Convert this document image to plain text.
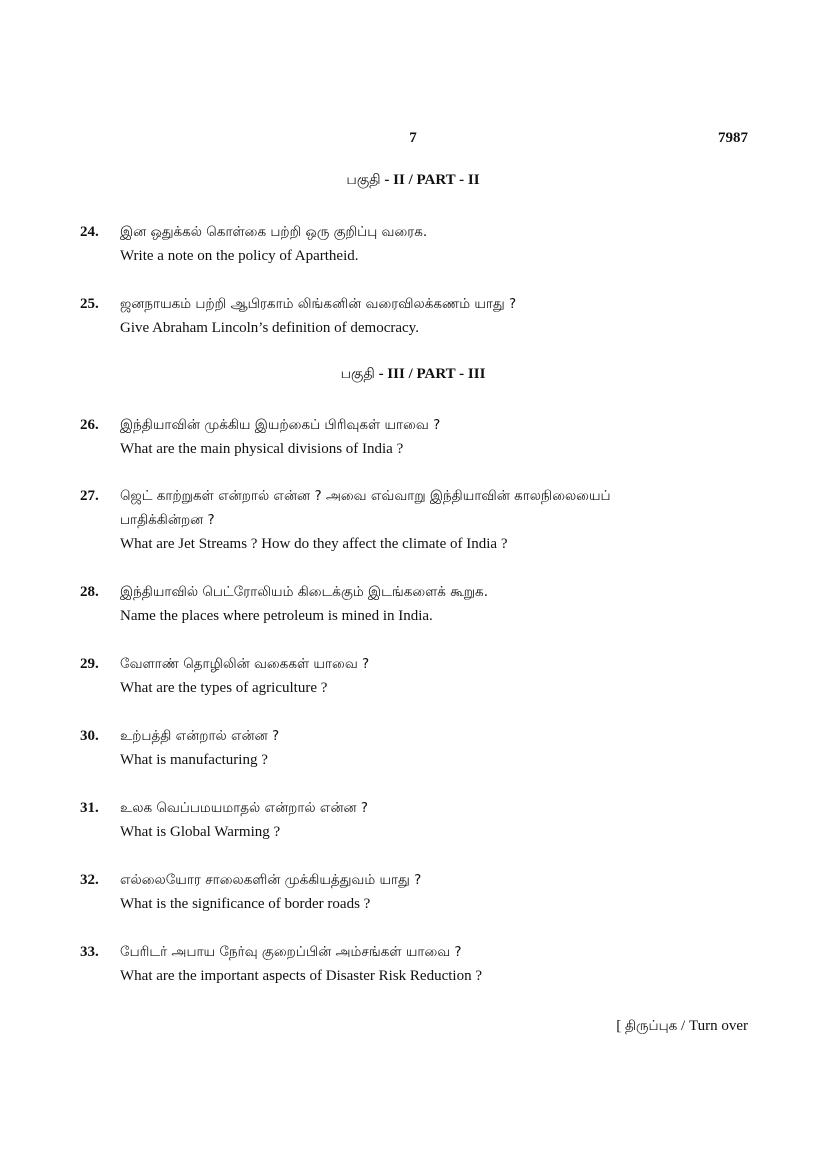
7	7987
பகுதி - II / PART - II
24. இன ஒதுக்கல் கொள்கை பற்றி ஒரு குறிப்பு வரைக.
Write a note on the policy of Apartheid.
25. ஜனநாயகம் பற்றி ஆபிரகாம் லிங்கனின் வரைவிலக்கணம் யாது ?
Give Abraham Lincoln’s definition of democracy.
பகுதி - III / PART - III
26. இந்தியாவின் முக்கிய இயற்கைப் பிரிவுகள் யாவை ?
What are the main physical divisions of India ?
27. ஜெட் காற்றுகள் என்றால் என்ன ? அவை எவ்வாறு இந்தியாவின் காலநிலையைப்
பாதிக்கின்றன ?
What are Jet Streams ? How do they affect the climate of India ?
28. இந்தியாவில் பெட்ரோலியம் கிடைக்கும் இடங்களைக் கூறுக.
Name the places where petroleum is mined in India.
29. வேளாண் தொழிலின் வகைகள் யாவை ?
What are the types of agriculture ?
30. உற்பத்தி என்றால் என்ன ?
What is manufacturing ?
31. உலக வெப்பமயமாதல் என்றால் என்ன ?
What is Global Warming ?
32. எல்லையோர சாலைகளின் முக்கியத்துவம் யாது ?
What is the significance of border roads ?
33. பேரிடர் அபாய நேர்வு குறைப்பின் அம்சங்கள் யாவை ?
What are the important aspects of Disaster Risk Reduction ?
[ திருப்புக / Turn over
